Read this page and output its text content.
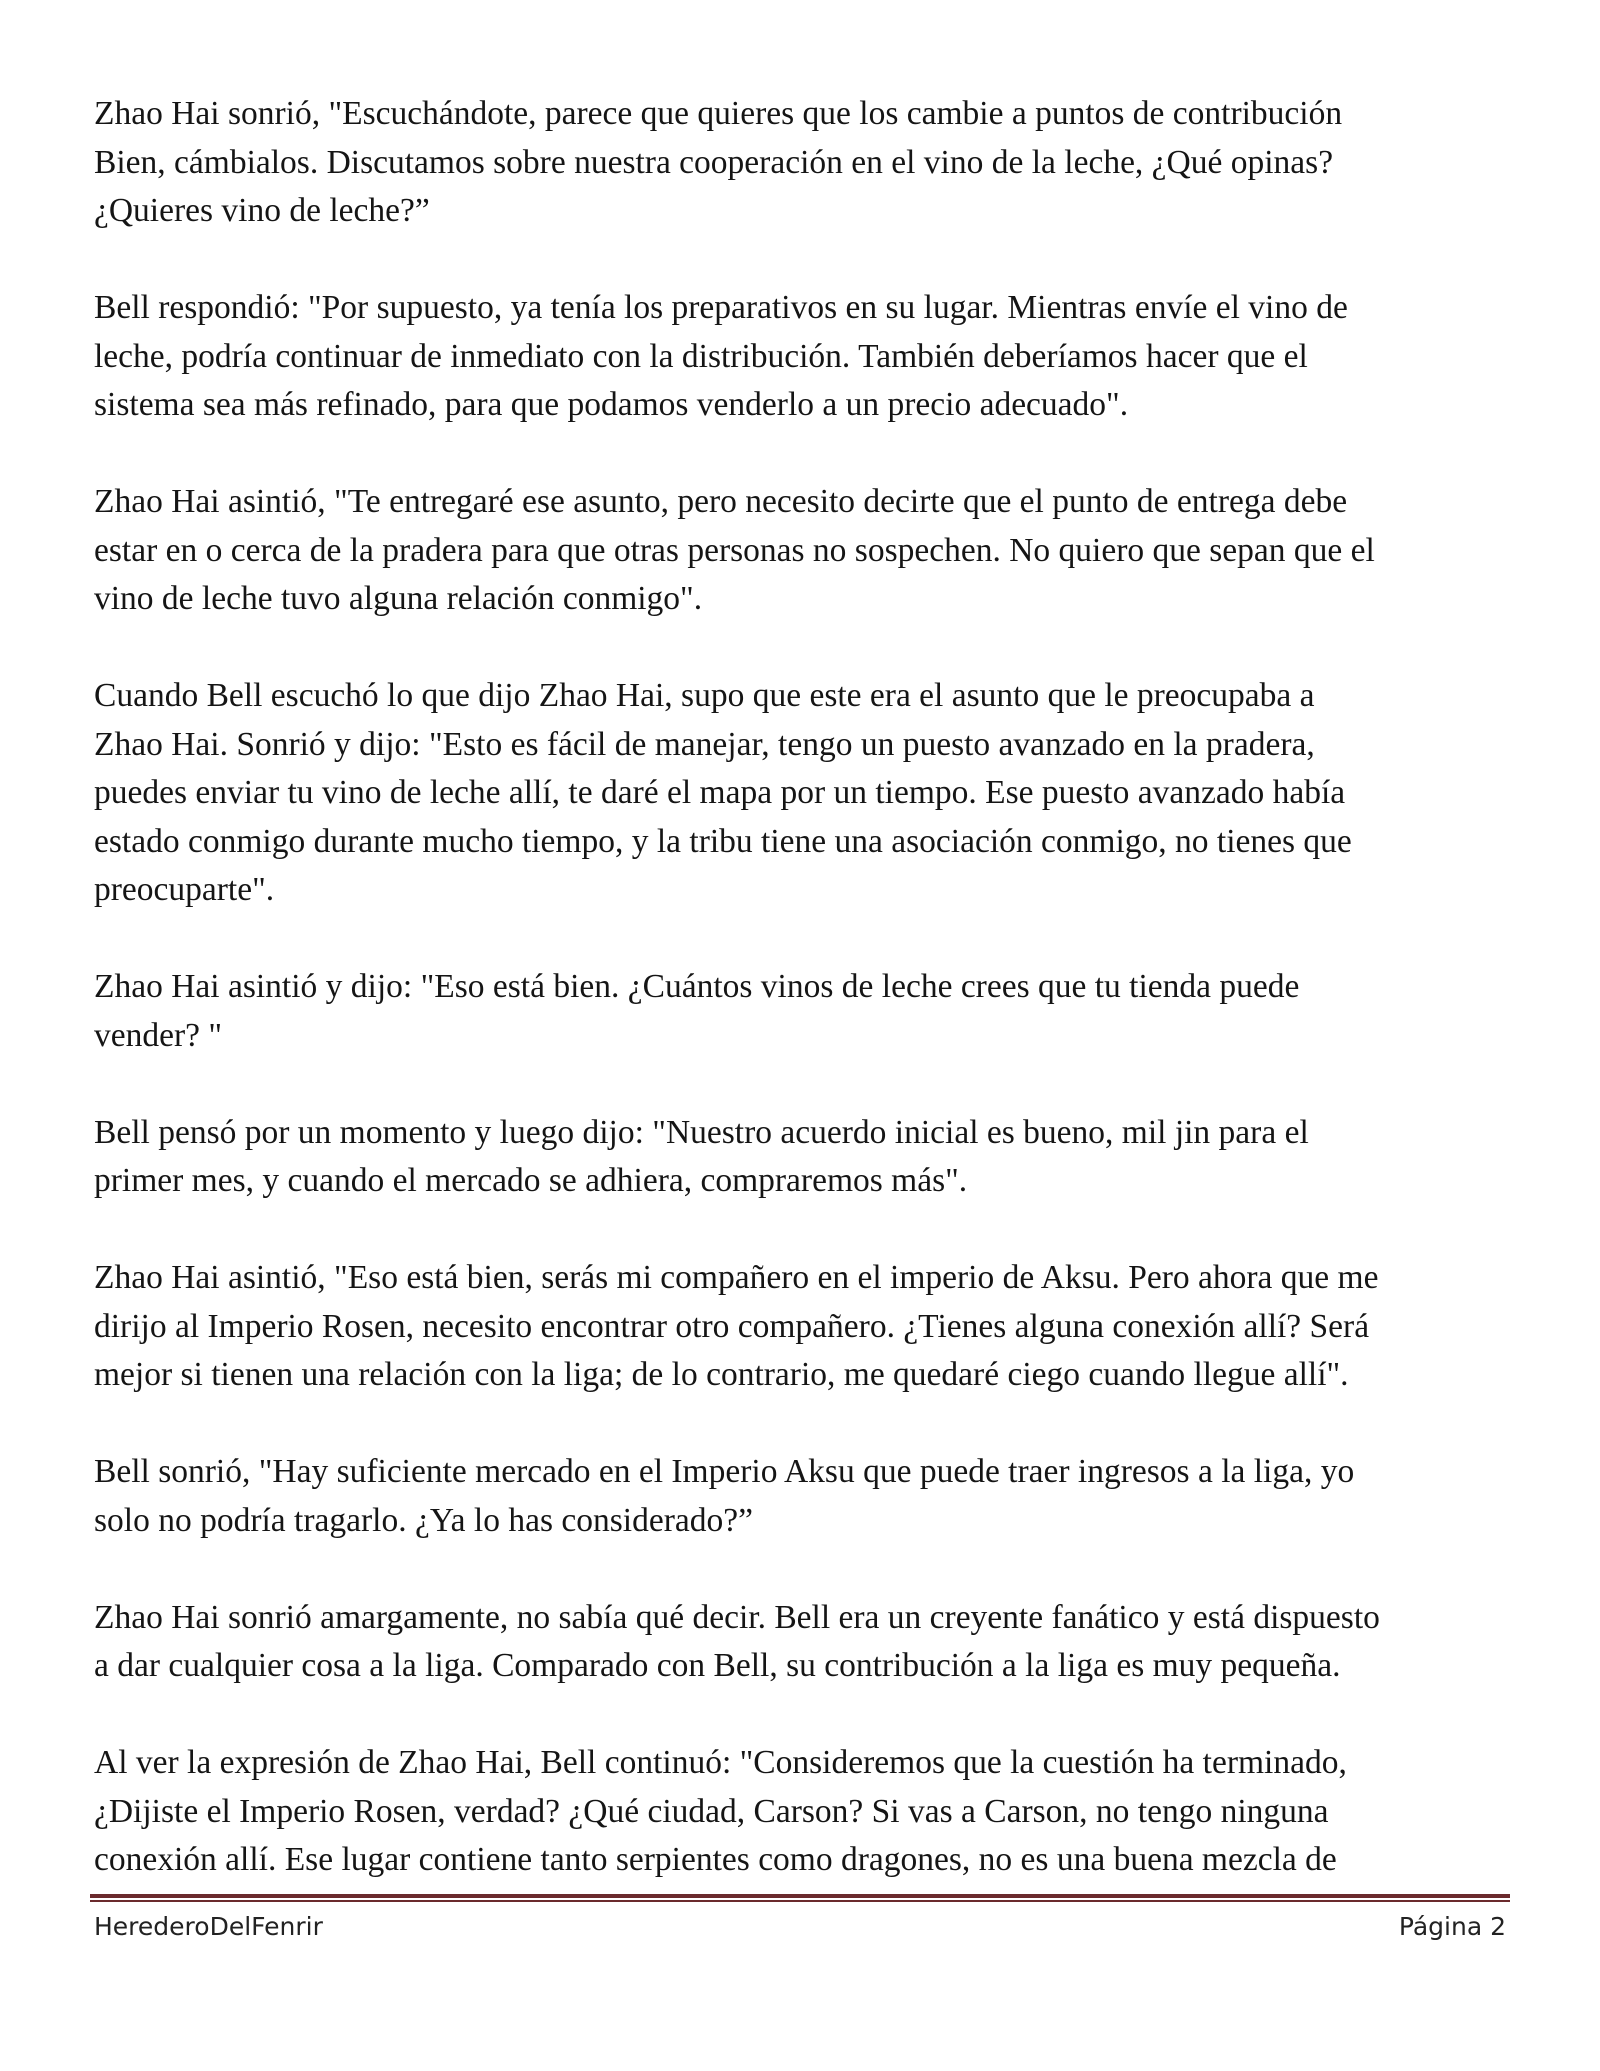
Zhao Hai sonrió, "Escuchándote, parece que quieres que los cambie a puntos de contribución
Bien, cámbialos. Discutamos sobre nuestra cooperación en el vino de la leche, ¿Qué opinas?
¿Quieres vino de leche?”

Bell respondió: "Por supuesto, ya tenía los preparativos en su lugar. Mientras envíe el vino de
leche, podría continuar de inmediato con la distribución. También deberíamos hacer que el
sistema sea más refinado, para que podamos venderlo a un precio adecuado".

Zhao Hai asintió, "Te entregaré ese asunto, pero necesito decirte que el punto de entrega debe
estar en o cerca de la pradera para que otras personas no sospechen. No quiero que sepan que el
vino de leche tuvo alguna relación conmigo".

Cuando Bell escuchó lo que dijo Zhao Hai, supo que este era el asunto que le preocupaba a
Zhao Hai. Sonrió y dijo: "Esto es fácil de manejar, tengo un puesto avanzado en la pradera,
puedes enviar tu vino de leche allí, te daré el mapa por un tiempo. Ese puesto avanzado había
estado conmigo durante mucho tiempo, y la tribu tiene una asociación conmigo, no tienes que
preocuparte".

Zhao Hai asintió y dijo: "Eso está bien. ¿Cuántos vinos de leche crees que tu tienda puede
vender? "

Bell pensó por un momento y luego dijo: "Nuestro acuerdo inicial es bueno, mil jin para el
primer mes, y cuando el mercado se adhiera, compraremos más".

Zhao Hai asintió, "Eso está bien, serás mi compañero en el imperio de Aksu. Pero ahora que me
dirijo al Imperio Rosen, necesito encontrar otro compañero. ¿Tienes alguna conexión allí? Será
mejor si tienen una relación con la liga; de lo contrario, me quedaré ciego cuando llegue allí".

Bell sonrió, "Hay suficiente mercado en el Imperio Aksu que puede traer ingresos a la liga, yo
solo no podría tragarlo. ¿Ya lo has considerado?”

Zhao Hai sonrió amargamente, no sabía qué decir. Bell era un creyente fanático y está dispuesto
a dar cualquier cosa a la liga. Comparado con Bell, su contribución a la liga es muy pequeña.

Al ver la expresión de Zhao Hai, Bell continuó: "Consideremos que la cuestión ha terminado,
¿Dijiste el Imperio Rosen, verdad? ¿Qué ciudad, Carson? Si vas a Carson, no tengo ninguna
conexión allí. Ese lugar contiene tanto serpientes como dragones, no es una buena mezcla de

HerederoDelFenrir	Página 2
